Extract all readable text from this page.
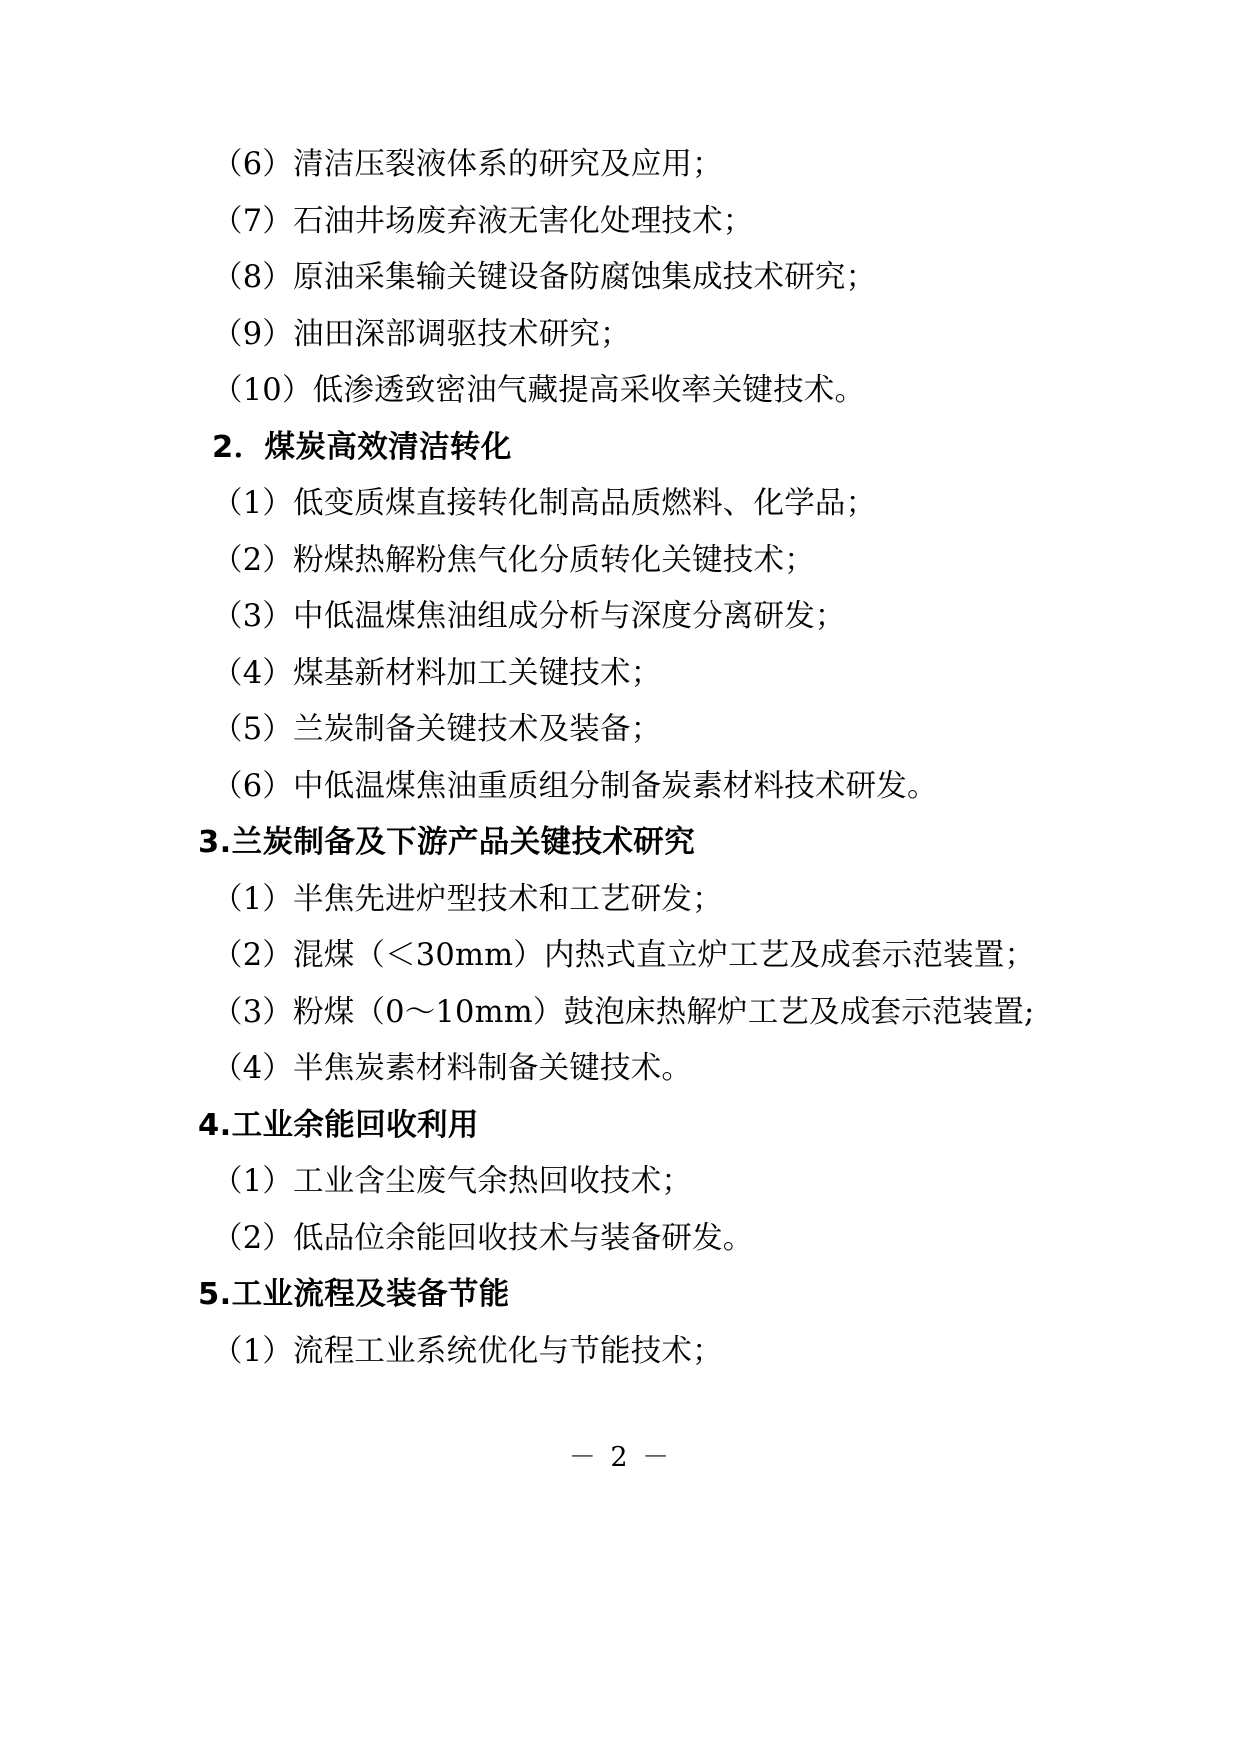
（6）清洁压裂液体系的研究及应用；

（7）石油井场废弃液无害化处理技术；

（8）原油采集输关键设备防腐蚀集成技术研究；

（9）油田深部调驱技术研究；

（10）低渗透致密油气藏提高采收率关键技术。

2．煤炭高效清洁转化

（1）低变质煤直接转化制高品质燃料、化学品；

（2）粉煤热解粉焦气化分质转化关键技术；

（3）中低温煤焦油组成分析与深度分离研发；

（4）煤基新材料加工关键技术；

（5）兰炭制备关键技术及装备；

（6）中低温煤焦油重质组分制备炭素材料技术研发。

3.兰炭制备及下游产品关键技术研究

（1）半焦先进炉型技术和工艺研发；

（2）混煤（＜30mm）内热式直立炉工艺及成套示范装置；

（3）粉煤（0～10mm）鼓泡床热解炉工艺及成套示范装置;

（4）半焦炭素材料制备关键技术。

4.工业余能回收利用

（1）工业含尘废气余热回收技术；

（2）低品位余能回收技术与装备研发。

5.工业流程及装备节能

（1）流程工业系统优化与节能技术；

－ 2 －
